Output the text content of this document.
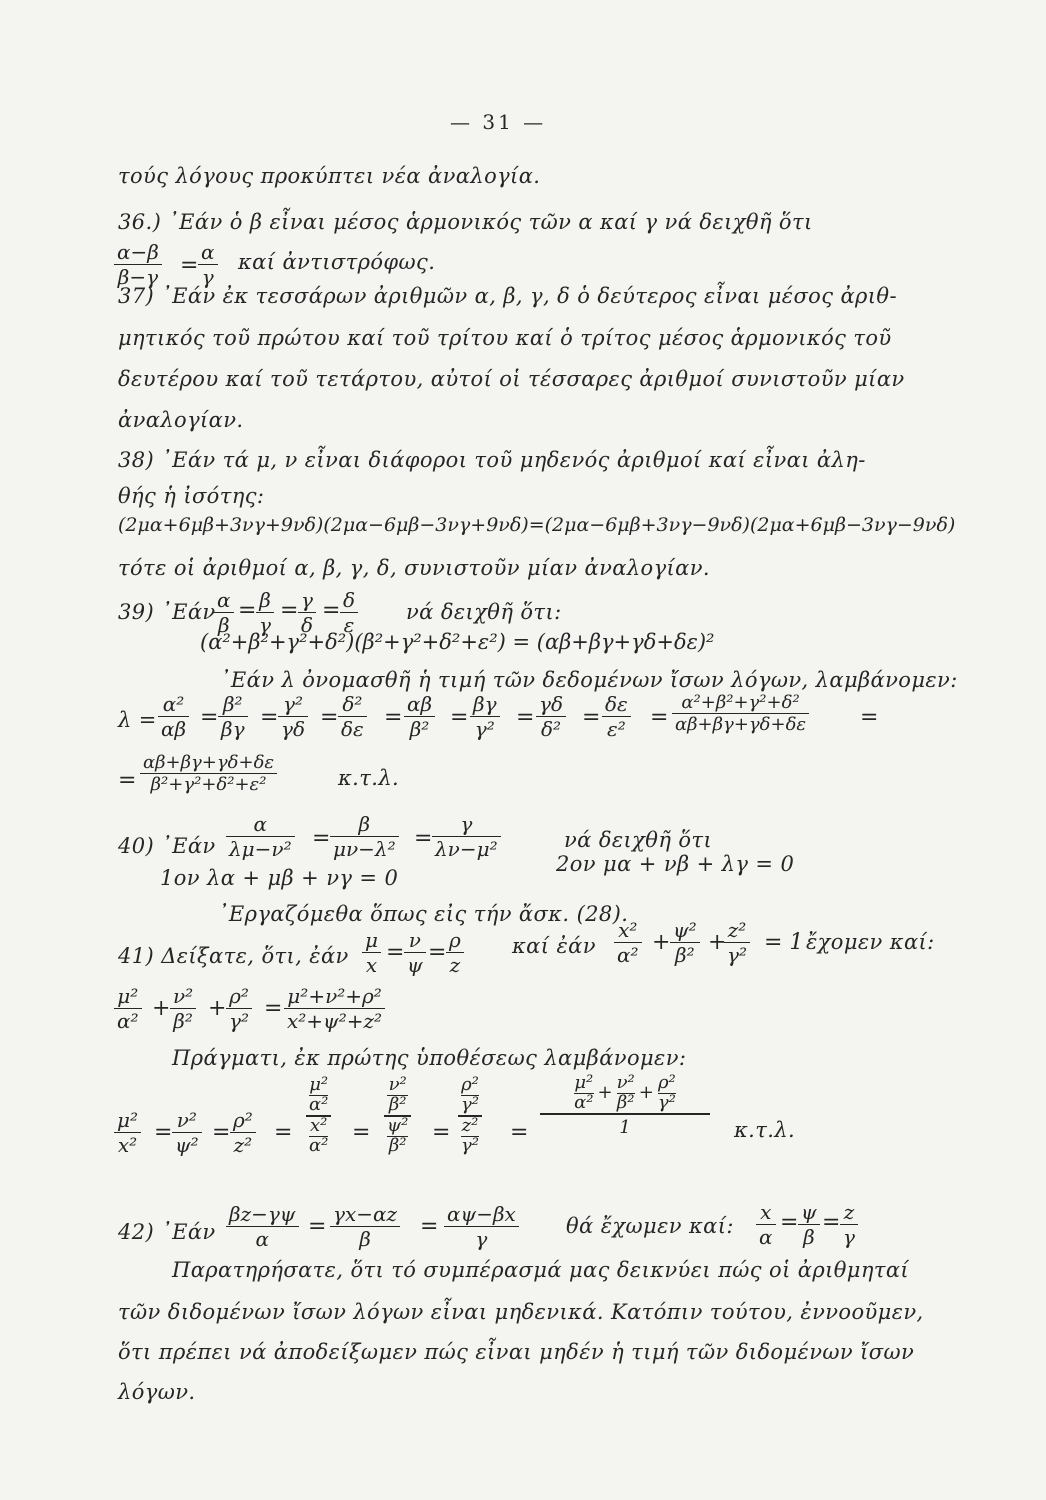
— 31 —
τούς λόγους προκύπτει νέα ἀναλογία.
36.) ᾿Εάν ὁ β εἶναι μέσος ἁρμονικός τῶν α καί γ νά δειχθῆ ὅτι
$\frac{\alpha-\beta}{\beta-\gamma} = \frac{\alpha}{\gamma}$ καί ἀντιστρόφως.
37) ᾿Εάν ἐκ τεσσάρων ἀριθμῶν α, β, γ, δ ὁ δεύτερος εἶναι μέσος ἀριθ-
μητικός τοῦ πρώτου καί τοῦ τρίτου καί ὁ τρίτος μέσος ἁρμονικός τοῦ
δευτέρου καί τοῦ τετάρτου, αὐτοί οἱ τέσσαρες ἀριθμοί συνιστοῦν μίαν
ἀναλογίαν.
38) ᾿Εάν τά μ, ν εἶναι διάφοροι τοῦ μηδενός ἀριθμοί καί εἶναι ἀλη-
θής ἡ ἰσότης:
(2μα+6μβ+3νγ+9νδ)(2μα−6μβ−3νγ+9νδ)=(2μα−6μβ+3νγ−9νδ)(2μα+6μβ−3νγ−9νδ)
τότε οἱ ἀριθμοί α, β, γ, δ, συνιστοῦν μίαν ἀναλογίαν.
39) ᾿Εάν
$\frac{\alpha}{\beta} = \frac{\beta}{\gamma} = \frac{\gamma}{\delta} = \frac{\delta}{\varepsilon}$ νά δειχθῆ ὅτι:
(α²+β²+γ²+δ²)(β²+γ²+δ²+ε²) = (αβ+βγ+γδ+δε)²
᾿Εάν λ ὀνομασθῆ ἡ τιμή τῶν δεδομένων ἴσων λόγων, λαμβάνομεν:
$\lambda = \frac{\text{α²}}{\alpha\beta} = \frac{\text{β²}}{\beta\gamma} = \frac{\text{γ²}}{\gamma\delta} = \frac{\text{δ²}}{\delta\varepsilon} = \frac{\alpha\beta}{\text{β²}} = \frac{\beta\gamma}{\text{γ²}} = \frac{\gamma\delta}{\text{δ²}} = \frac{\delta\varepsilon}{\text{ε²}} = \frac{\text{α²+β²+γ²+δ²}}{\alpha\beta+\beta\gamma+\gamma\delta+\delta\varepsilon}$ =
= $\frac{\alpha\beta+\beta\gamma+\gamma\delta+\delta\varepsilon}{\text{β²+γ²+δ²+ε²}}$	κ.τ.λ.
40) ᾿Εάν $\frac{\alpha}{\text{λμ−ν²}} = \frac{\beta}{\text{μν−λ²}} = \frac{\gamma}{\text{λν−μ²}}$	νά δειχθῆ ὅτι
1ον λα + μβ + νγ = 0
2ον μα + νβ + λγ = 0
᾿Εργαζόμεθα ὅπως εἰς τήν ἄσκ. (28).
41) Δείξατε, ὅτι, ἐάν $\frac{\mu}{x} = \frac{\nu}{\psi} = \frac{\rho}{z}$ καί ἐάν $\frac{\text{x²}}{\text{α²}} + \frac{\text{ψ²}}{\text{β²}}$ +
$\frac{\text{z²}}{\text{γ²}} = 1$ ἔχομεν καί:
$\frac{\text{μ²}}{\text{α²}} + \frac{\text{ν²}}{\text{β²}} + \frac{\text{ρ²}}{\text{γ²}} = \frac{\text{μ²+ν²+ρ²}}{\text{x²+ψ²+z²}}$
Πράγματι, ἐκ πρώτης ὑποθέσεως λαμβάνομεν:
$\frac{\text{μ²}}{\text{x²}} = \frac{\text{ν²}}{\text{ψ²}} = \frac{\text{ρ²}}{\text{z²}} = \mu^2$
α²
x²
α² = ν²
β²
ψ²
β² = ρ²
γ²
z²
γ² =
μ²
$\alpha^2 + \frac{\text{ν²}}{\text{β²}} + \frac{\text{ρ²}}{\text{γ²}}$
1	κ.τ.λ.
42) ᾿Εάν $\frac{\beta z-\gamma\psi}{\alpha} = \frac{\gamma x-\alpha z}{\beta} = \frac{\alpha\psi-\beta x}{\gamma}$ θά ἔχωμεν καί: $\frac{x}{\alpha} = \frac{\psi}{\beta} = \frac{z}{\gamma}$
Παρατηρήσατε, ὅτι τό συμπέρασμά μας δεικνύει πώς οἱ ἀριθμηταί
τῶν διδομένων ἴσων λόγων εἶναι μηδενικά. Κατόπιν τούτου, ἐννοοῦμεν,
ὅτι πρέπει νά ἀποδείξωμεν πώς εἶναι μηδέν ἡ τιμή τῶν διδομένων ἴσων
λόγων.
